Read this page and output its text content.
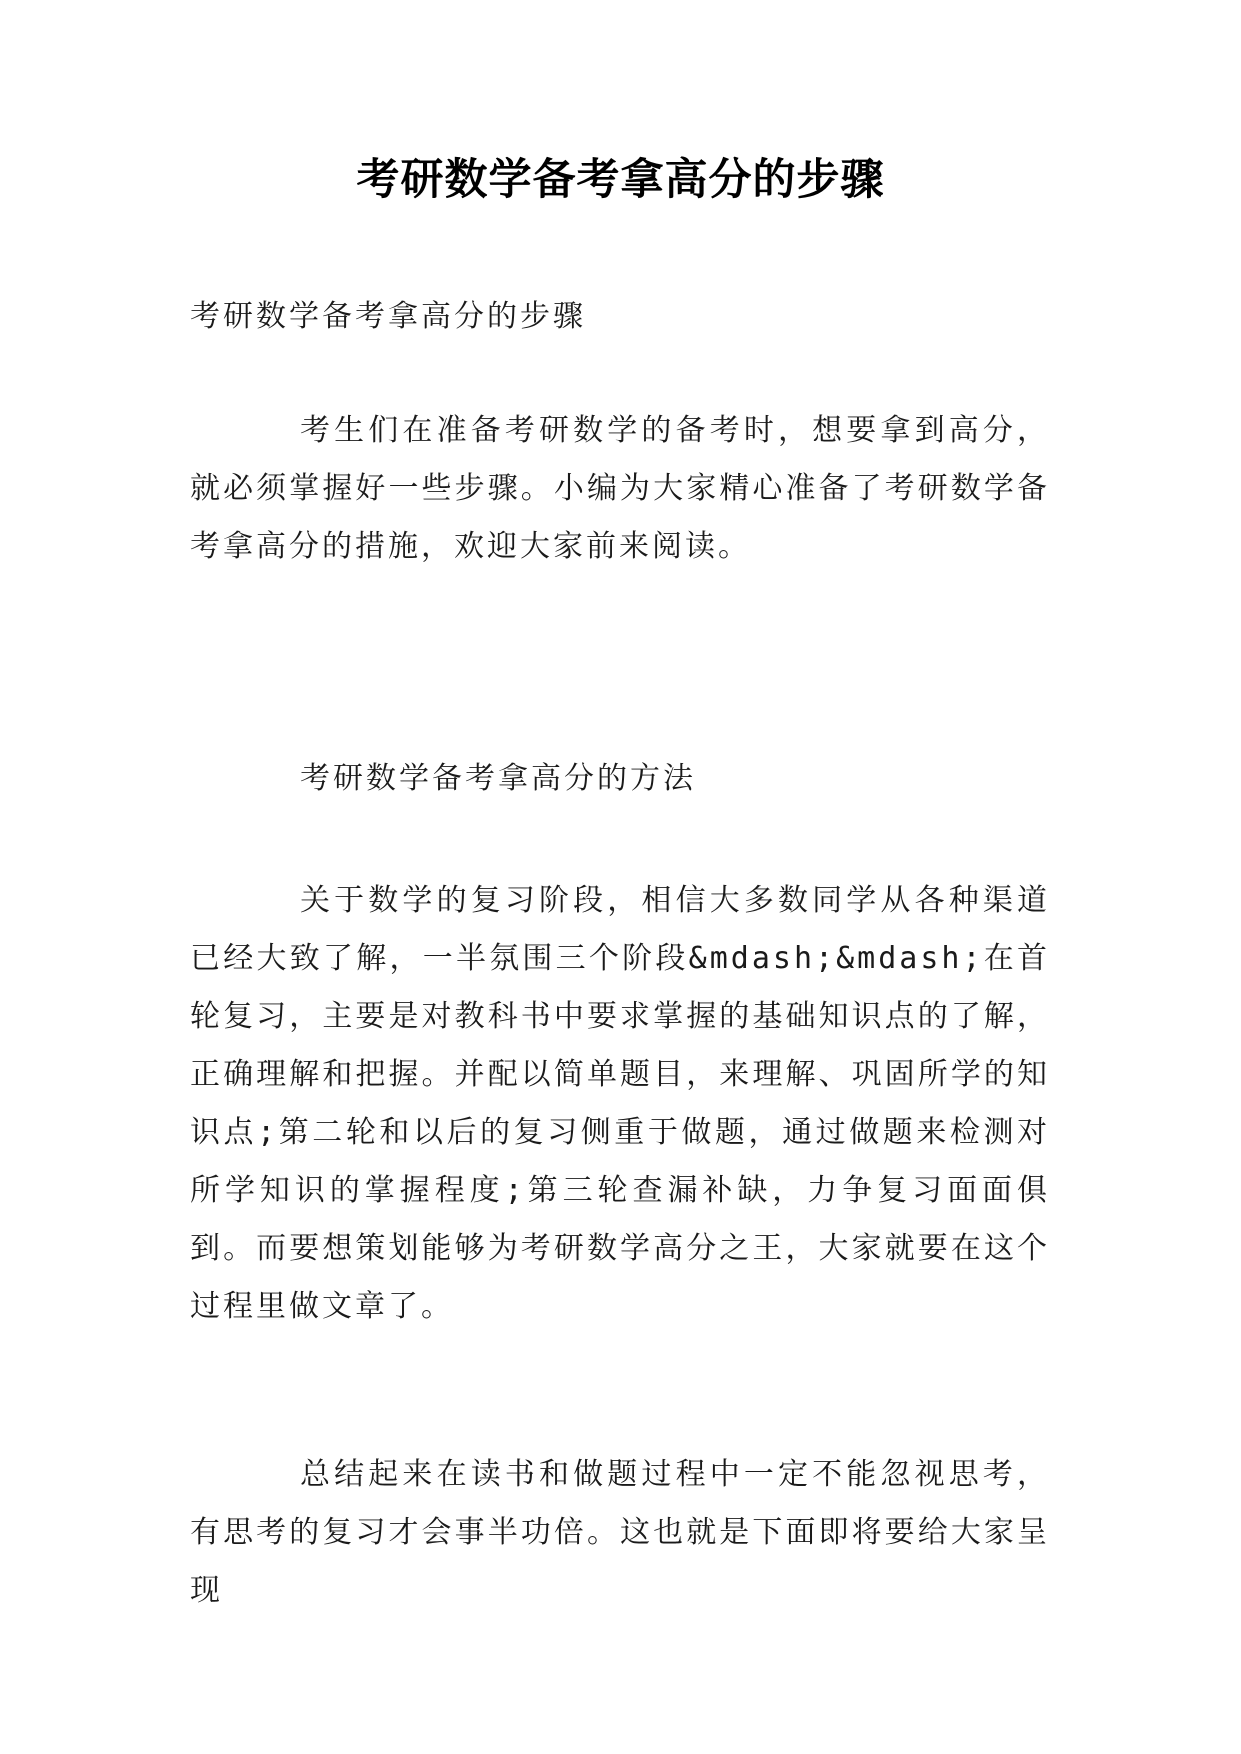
考研数学备考拿高分的步骤
考研数学备考拿高分的步骤
考生们在准备考研数学的备考时，想要拿到高分，就必须掌握好一些步骤。小编为大家精心准备了考研数学备考拿高分的措施，欢迎大家前来阅读。
考研数学备考拿高分的方法
关于数学的复习阶段，相信大多数同学从各种渠道已经大致了解，一半氛围三个阶段&mdash;&mdash;在首轮复习，主要是对教科书中要求掌握的基础知识点的了解，正确理解和把握。并配以简单题目，来理解、巩固所学的知识点;第二轮和以后的复习侧重于做题，通过做题来检测对所学知识的掌握程度;第三轮查漏补缺，力争复习面面俱到。而要想策划能够为考研数学高分之王，大家就要在这个过程里做文章了。
总结起来在读书和做题过程中一定不能忽视思考，有思考的复习才会事半功倍。这也就是下面即将要给大家呈现
